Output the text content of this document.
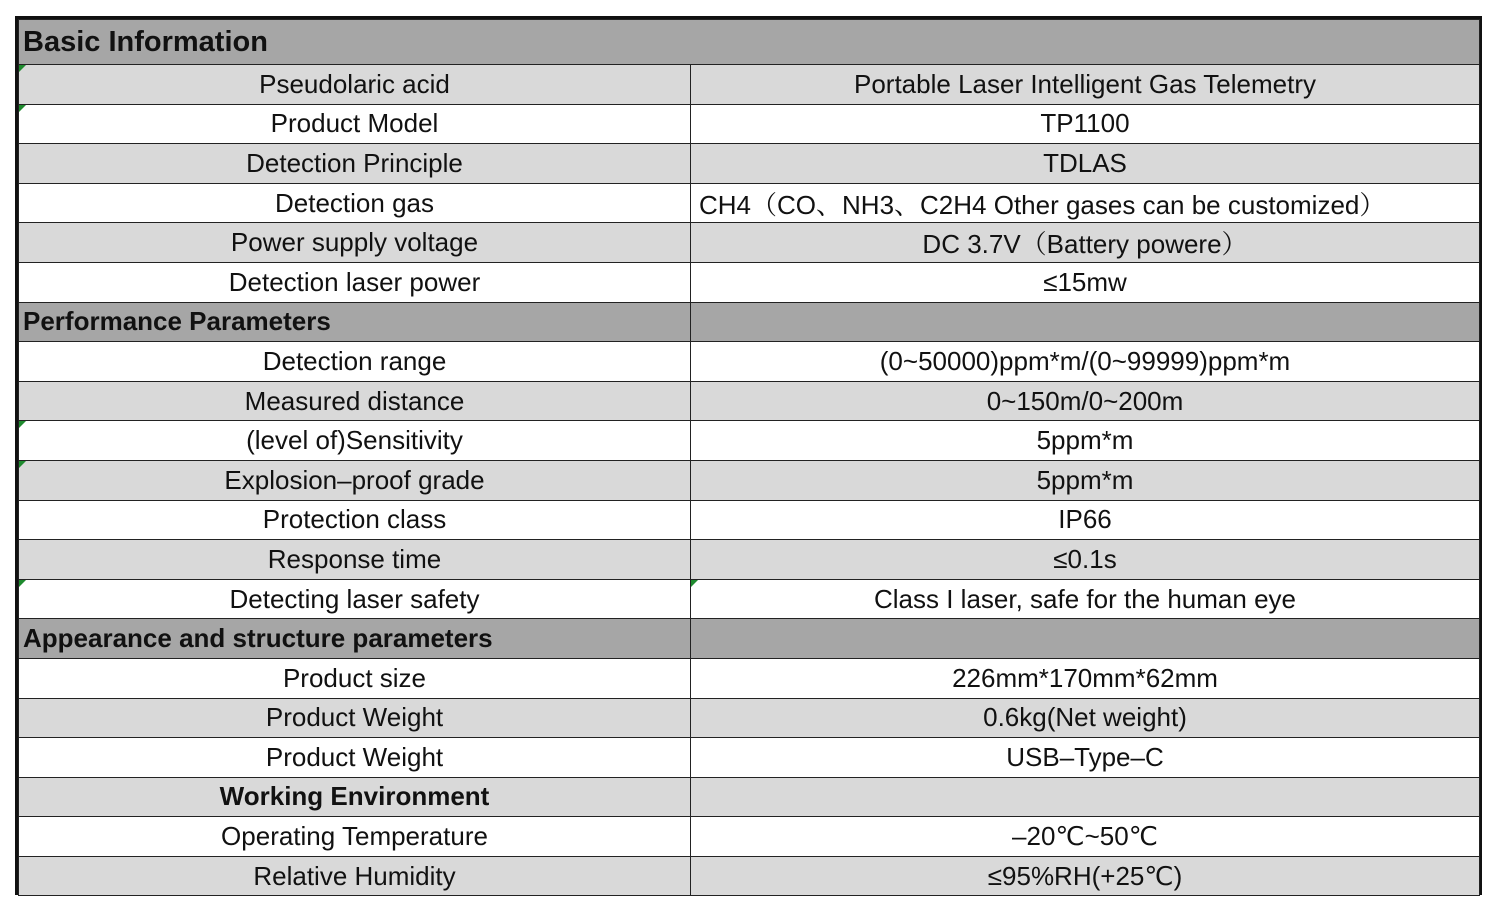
Basic Information	

Pseudolaric acid	Portable Laser Intelligent Gas Telemetry

Product Model	TP1100
Detection Principle	TDLAS
Detection gas	CH4（CO、NH3、C2H4 Other gases can be customized）
Power supply voltage	DC 3.7V（Battery powere）
Detection laser power	≤15mw
Performance Parameters	
Detection range	(0~50000)ppm*m/(0~99999)ppm*m
Measured distance	0~150m/0~200m

(level of)Sensitivity	5ppm*m

Explosion–proof grade	5ppm*m
Protection class	IP66
Response time	≤0.1s

Detecting laser safety	Class I laser, safe for the human eye
Appearance and structure parameters	
Product size	226mm*170mm*62mm
Product Weight	0.6kg(Net weight)
Product Weight	USB–Type–C
Working Environment	
Operating Temperature	–20℃~50℃
Relative Humidity	≤95%RH(+25℃)
